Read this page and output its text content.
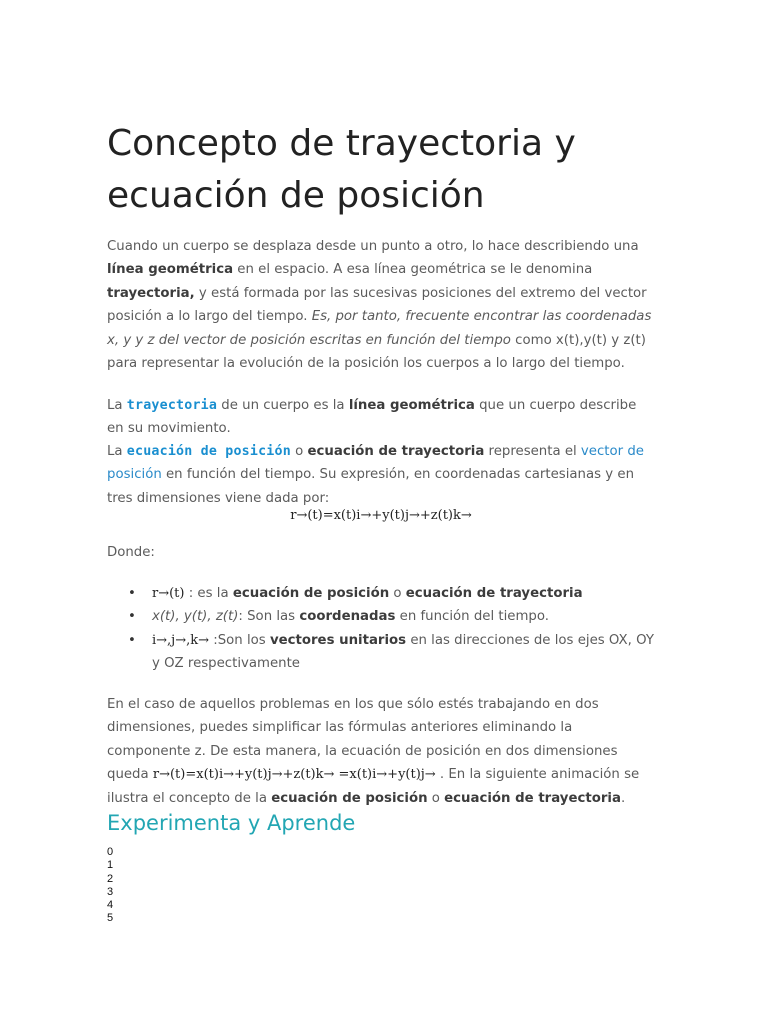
Concepto de trayectoria y ecuación de posición

Cuando un cuerpo se desplaza desde un punto a otro, lo hace describiendo una línea geométrica en el espacio. A esa línea geométrica se le denomina trayectoria, y está formada por las sucesivas posiciones del extremo del vector posición a lo largo del tiempo. Es, por tanto, frecuente encontrar las coordenadas x, y y z del vector de posición escritas en función del tiempo como x(t),y(t) y z(t) para representar la evolución de la posición los cuerpos a lo largo del tiempo.

La trayectoria de un cuerpo es la línea geométrica que un cuerpo describe en su movimiento.

La ecuación de posición o ecuación de trayectoria representa el vector de posición en función del tiempo. Su expresión, en coordenadas cartesianas y en tres dimensiones viene dada por:

r→(t)=x(t)i→+y(t)j→+z(t)k→

Donde:

• r→(t) : es la ecuación de posición o ecuación de trayectoria
• x(t), y(t), z(t): Son las coordenadas en función del tiempo.
• i→,j→,k→ :Son los vectores unitarios en las direcciones de los ejes OX, OY y OZ respectivamente

En el caso de aquellos problemas en los que sólo estés trabajando en dos dimensiones, puedes simplificar las fórmulas anteriores eliminando la componente z. De esta manera, la ecuación de posición en dos dimensiones queda r→(t)=x(t)i→+y(t)j→+z(t)k→ =x(t)i→+y(t)j→ . En la siguiente animación se ilustra el concepto de la ecuación de posición o ecuación de trayectoria.

Experimenta y Aprende
0
1
2
3
4
5
